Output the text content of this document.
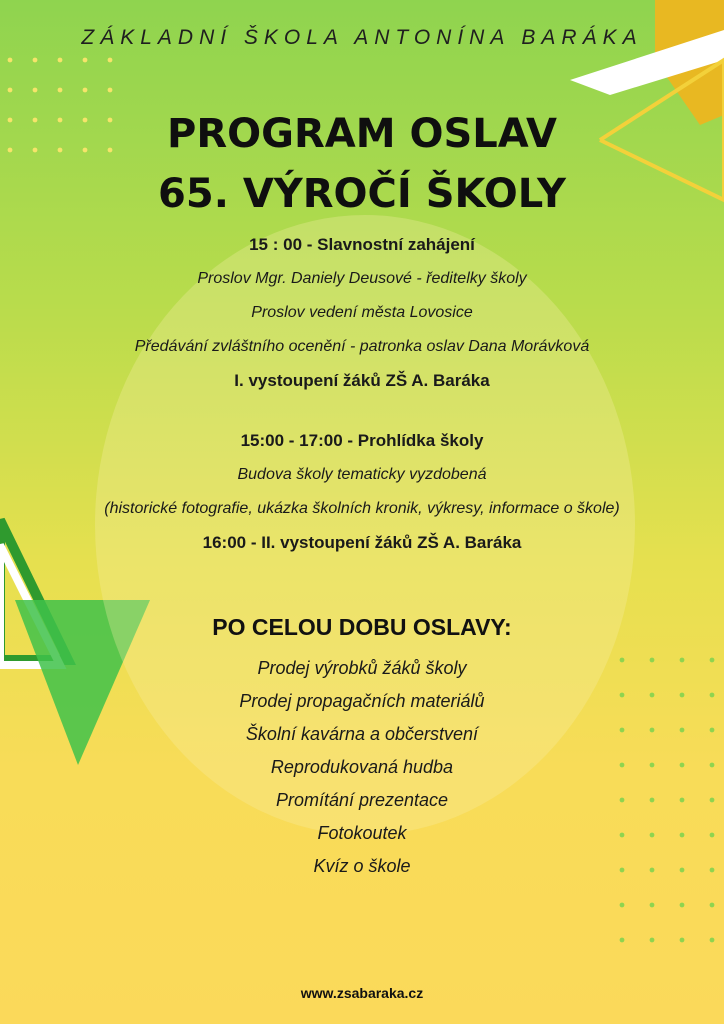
ZÁKLADNÍ ŠKOLA ANTONÍNA BARÁKA
PROGRAM OSLAV
65. VÝROČÍ ŠKOLY
15 : 00 - Slavnostní zahájení
Proslov Mgr. Daniely Deusové - ředitelky školy
Proslov vedení města Lovosice
Předávání zvláštního ocenění - patronka oslav Dana Morávková
I. vystoupení žáků ZŠ A. Baráka
15:00 - 17:00 - Prohlídka školy
Budova školy tematicky vyzdobená
(historické fotografie, ukázka školních kronik, výkresy, informace o škole)
16:00 - II. vystoupení žáků ZŠ A. Baráka
PO CELOU DOBU OSLAVY:
Prodej výrobků žáků školy
Prodej propagačních materiálů
Školní kavárna a občerstvení
Reprodukovaná hudba
Promítání prezentace
Fotokoutek
Kvíz o škole
www.zsabaraka.cz
